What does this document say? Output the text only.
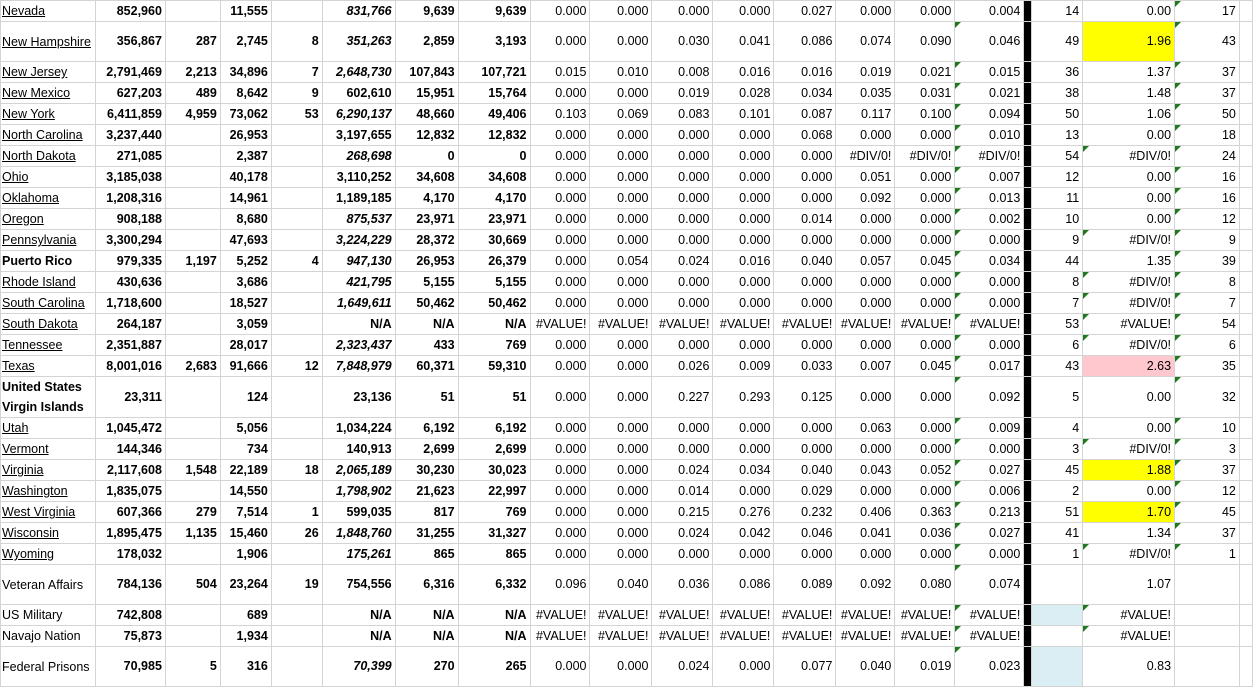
Nevada	852,960		11,555		831,766	9,639	9,639	0.000	0.000	0.000	0.000	0.027	0.000	0.000	0.004		14	0.00	17	
New Hampshire	356,867	287	2,745	8	351,263	2,859	3,193	0.000	0.000	0.030	0.041	0.086	0.074	0.090	0.046		49	1.96	43	
New Jersey	2,791,469	2,213	34,896	7	2,648,730	107,843	107,721	0.015	0.010	0.008	0.016	0.016	0.019	0.021	0.015		36	1.37	37	
New Mexico	627,203	489	8,642	9	602,610	15,951	15,764	0.000	0.000	0.019	0.028	0.034	0.035	0.031	0.021		38	1.48	37	
New York	6,411,859	4,959	73,062	53	6,290,137	48,660	49,406	0.103	0.069	0.083	0.101	0.087	0.117	0.100	0.094		50	1.06	50	
North Carolina	3,237,440		26,953		3,197,655	12,832	12,832	0.000	0.000	0.000	0.000	0.068	0.000	0.000	0.010		13	0.00	18	
North Dakota	271,085		2,387		268,698	0	0	0.000	0.000	0.000	0.000	0.000	#DIV/0!	#DIV/0!	#DIV/0!		54	#DIV/0!	24	
Ohio	3,185,038		40,178		3,110,252	34,608	34,608	0.000	0.000	0.000	0.000	0.000	0.051	0.000	0.007		12	0.00	16	
Oklahoma	1,208,316		14,961		1,189,185	4,170	4,170	0.000	0.000	0.000	0.000	0.000	0.092	0.000	0.013		11	0.00	16	
Oregon	908,188		8,680		875,537	23,971	23,971	0.000	0.000	0.000	0.000	0.014	0.000	0.000	0.002		10	0.00	12	
Pennsylvania	3,300,294		47,693		3,224,229	28,372	30,669	0.000	0.000	0.000	0.000	0.000	0.000	0.000	0.000		9	#DIV/0!	9	
Puerto Rico	979,335	1,197	5,252	4	947,130	26,953	26,379	0.000	0.054	0.024	0.016	0.040	0.057	0.045	0.034		44	1.35	39	
Rhode Island	430,636		3,686		421,795	5,155	5,155	0.000	0.000	0.000	0.000	0.000	0.000	0.000	0.000		8	#DIV/0!	8	
South Carolina	1,718,600		18,527		1,649,611	50,462	50,462	0.000	0.000	0.000	0.000	0.000	0.000	0.000	0.000		7	#DIV/0!	7	
South Dakota	264,187		3,059		N/A	N/A	N/A	#VALUE!	#VALUE!	#VALUE!	#VALUE!	#VALUE!	#VALUE!	#VALUE!	#VALUE!		53	#VALUE!	54	
Tennessee	2,351,887		28,017		2,323,437	433	769	0.000	0.000	0.000	0.000	0.000	0.000	0.000	0.000		6	#DIV/0!	6	
Texas	8,001,016	2,683	91,666	12	7,848,979	60,371	59,310	0.000	0.000	0.026	0.009	0.033	0.007	0.045	0.017		43	2.63	35	
United States Virgin Islands	23,311		124		23,136	51	51	0.000	0.000	0.227	0.293	0.125	0.000	0.000	0.092		5	0.00	32	
Utah	1,045,472		5,056		1,034,224	6,192	6,192	0.000	0.000	0.000	0.000	0.000	0.063	0.000	0.009		4	0.00	10	
Vermont	144,346		734		140,913	2,699	2,699	0.000	0.000	0.000	0.000	0.000	0.000	0.000	0.000		3	#DIV/0!	3	
Virginia	2,117,608	1,548	22,189	18	2,065,189	30,230	30,023	0.000	0.000	0.024	0.034	0.040	0.043	0.052	0.027		45	1.88	37	
Washington	1,835,075		14,550		1,798,902	21,623	22,997	0.000	0.000	0.014	0.000	0.029	0.000	0.000	0.006		2	0.00	12	
West Virginia	607,366	279	7,514	1	599,035	817	769	0.000	0.000	0.215	0.276	0.232	0.406	0.363	0.213		51	1.70	45	
Wisconsin	1,895,475	1,135	15,460	26	1,848,760	31,255	31,327	0.000	0.000	0.024	0.042	0.046	0.041	0.036	0.027		41	1.34	37	
Wyoming	178,032		1,906		175,261	865	865	0.000	0.000	0.000	0.000	0.000	0.000	0.000	0.000		1	#DIV/0!	1	
Veteran Affairs	784,136	504	23,264	19	754,556	6,316	6,332	0.096	0.040	0.036	0.086	0.089	0.092	0.080	0.074			1.07		
US Military	742,808		689		N/A	N/A	N/A	#VALUE!	#VALUE!	#VALUE!	#VALUE!	#VALUE!	#VALUE!	#VALUE!	#VALUE!			#VALUE!		
Navajo Nation	75,873		1,934		N/A	N/A	N/A	#VALUE!	#VALUE!	#VALUE!	#VALUE!	#VALUE!	#VALUE!	#VALUE!	#VALUE!			#VALUE!		
Federal Prisons	70,985	5	316		70,399	270	265	0.000	0.000	0.024	0.000	0.077	0.040	0.019	0.023			0.83		
